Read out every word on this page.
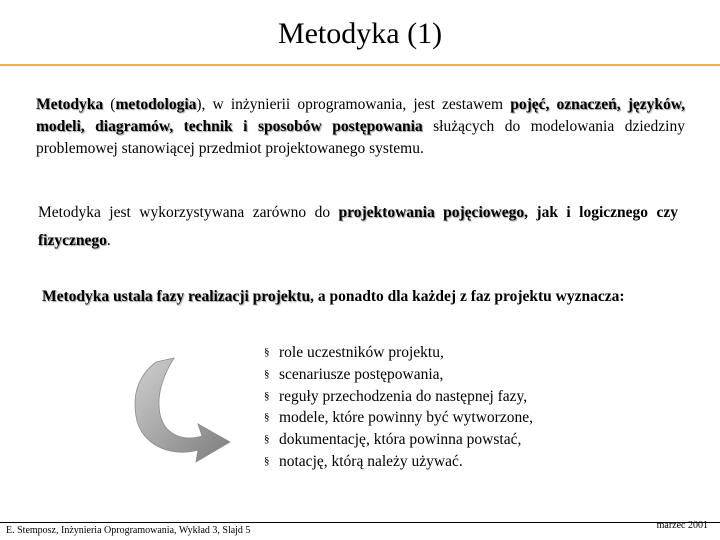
Metodyka (1)
Metodyka (metodologia), w inżynierii oprogramowania, jest zestawem pojęć, oznaczeń, języków, modeli, diagramów, technik i sposobów postępowania służących do modelowania dziedziny problemowej stanowiącej przedmiot projektowanego systemu.
Metodyka jest wykorzystywana zarówno do projektowania pojęciowego, jak i logicznego czy fizycznego.
Metodyka ustala fazy realizacji projektu, a ponadto dla każdej z faz projektu wyznacza:
§ role uczestników projektu,
§ scenariusze postępowania,
§ reguły przechodzenia do następnej fazy,
§ modele, które powinny być wytworzone,
§ dokumentację, która powinna powstać,
§ notację, którą należy używać.
E. Stemposz, Inżynieria Oprogramowania, Wykład 3, Slajd 5	marzec 2001
